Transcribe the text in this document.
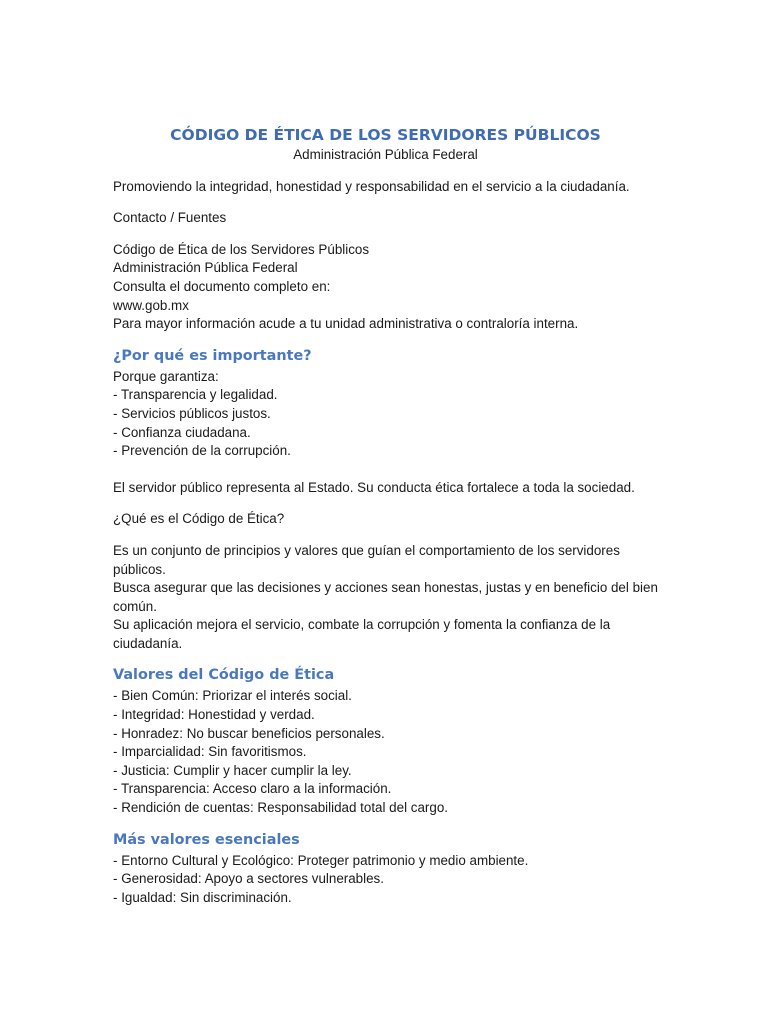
CÓDIGO DE ÉTICA DE LOS SERVIDORES PÚBLICOS
Administración Pública Federal

Promoviendo la integridad, honestidad y responsabilidad en el servicio a la ciudadanía.

Contacto / Fuentes

Código de Ética de los Servidores Públicos
Administración Pública Federal
Consulta el documento completo en:
www.gob.mx
Para mayor información acude a tu unidad administrativa o contraloría interna.

¿Por qué es importante?
Porque garantiza:
- Transparencia y legalidad.
- Servicios públicos justos.
- Confianza ciudadana.
- Prevención de la corrupción.

El servidor público representa al Estado. Su conducta ética fortalece a toda la sociedad.

¿Qué es el Código de Ética?

Es un conjunto de principios y valores que guían el comportamiento de los servidores públicos.
Busca asegurar que las decisiones y acciones sean honestas, justas y en beneficio del bien común.
Su aplicación mejora el servicio, combate la corrupción y fomenta la confianza de la ciudadanía.

Valores del Código de Ética
- Bien Común: Priorizar el interés social.
- Integridad: Honestidad y verdad.
- Honradez: No buscar beneficios personales.
- Imparcialidad: Sin favoritismos.
- Justicia: Cumplir y hacer cumplir la ley.
- Transparencia: Acceso claro a la información.
- Rendición de cuentas: Responsabilidad total del cargo.
Más valores esenciales
- Entorno Cultural y Ecológico: Proteger patrimonio y medio ambiente.
- Generosidad: Apoyo a sectores vulnerables.
- Igualdad: Sin discriminación.
